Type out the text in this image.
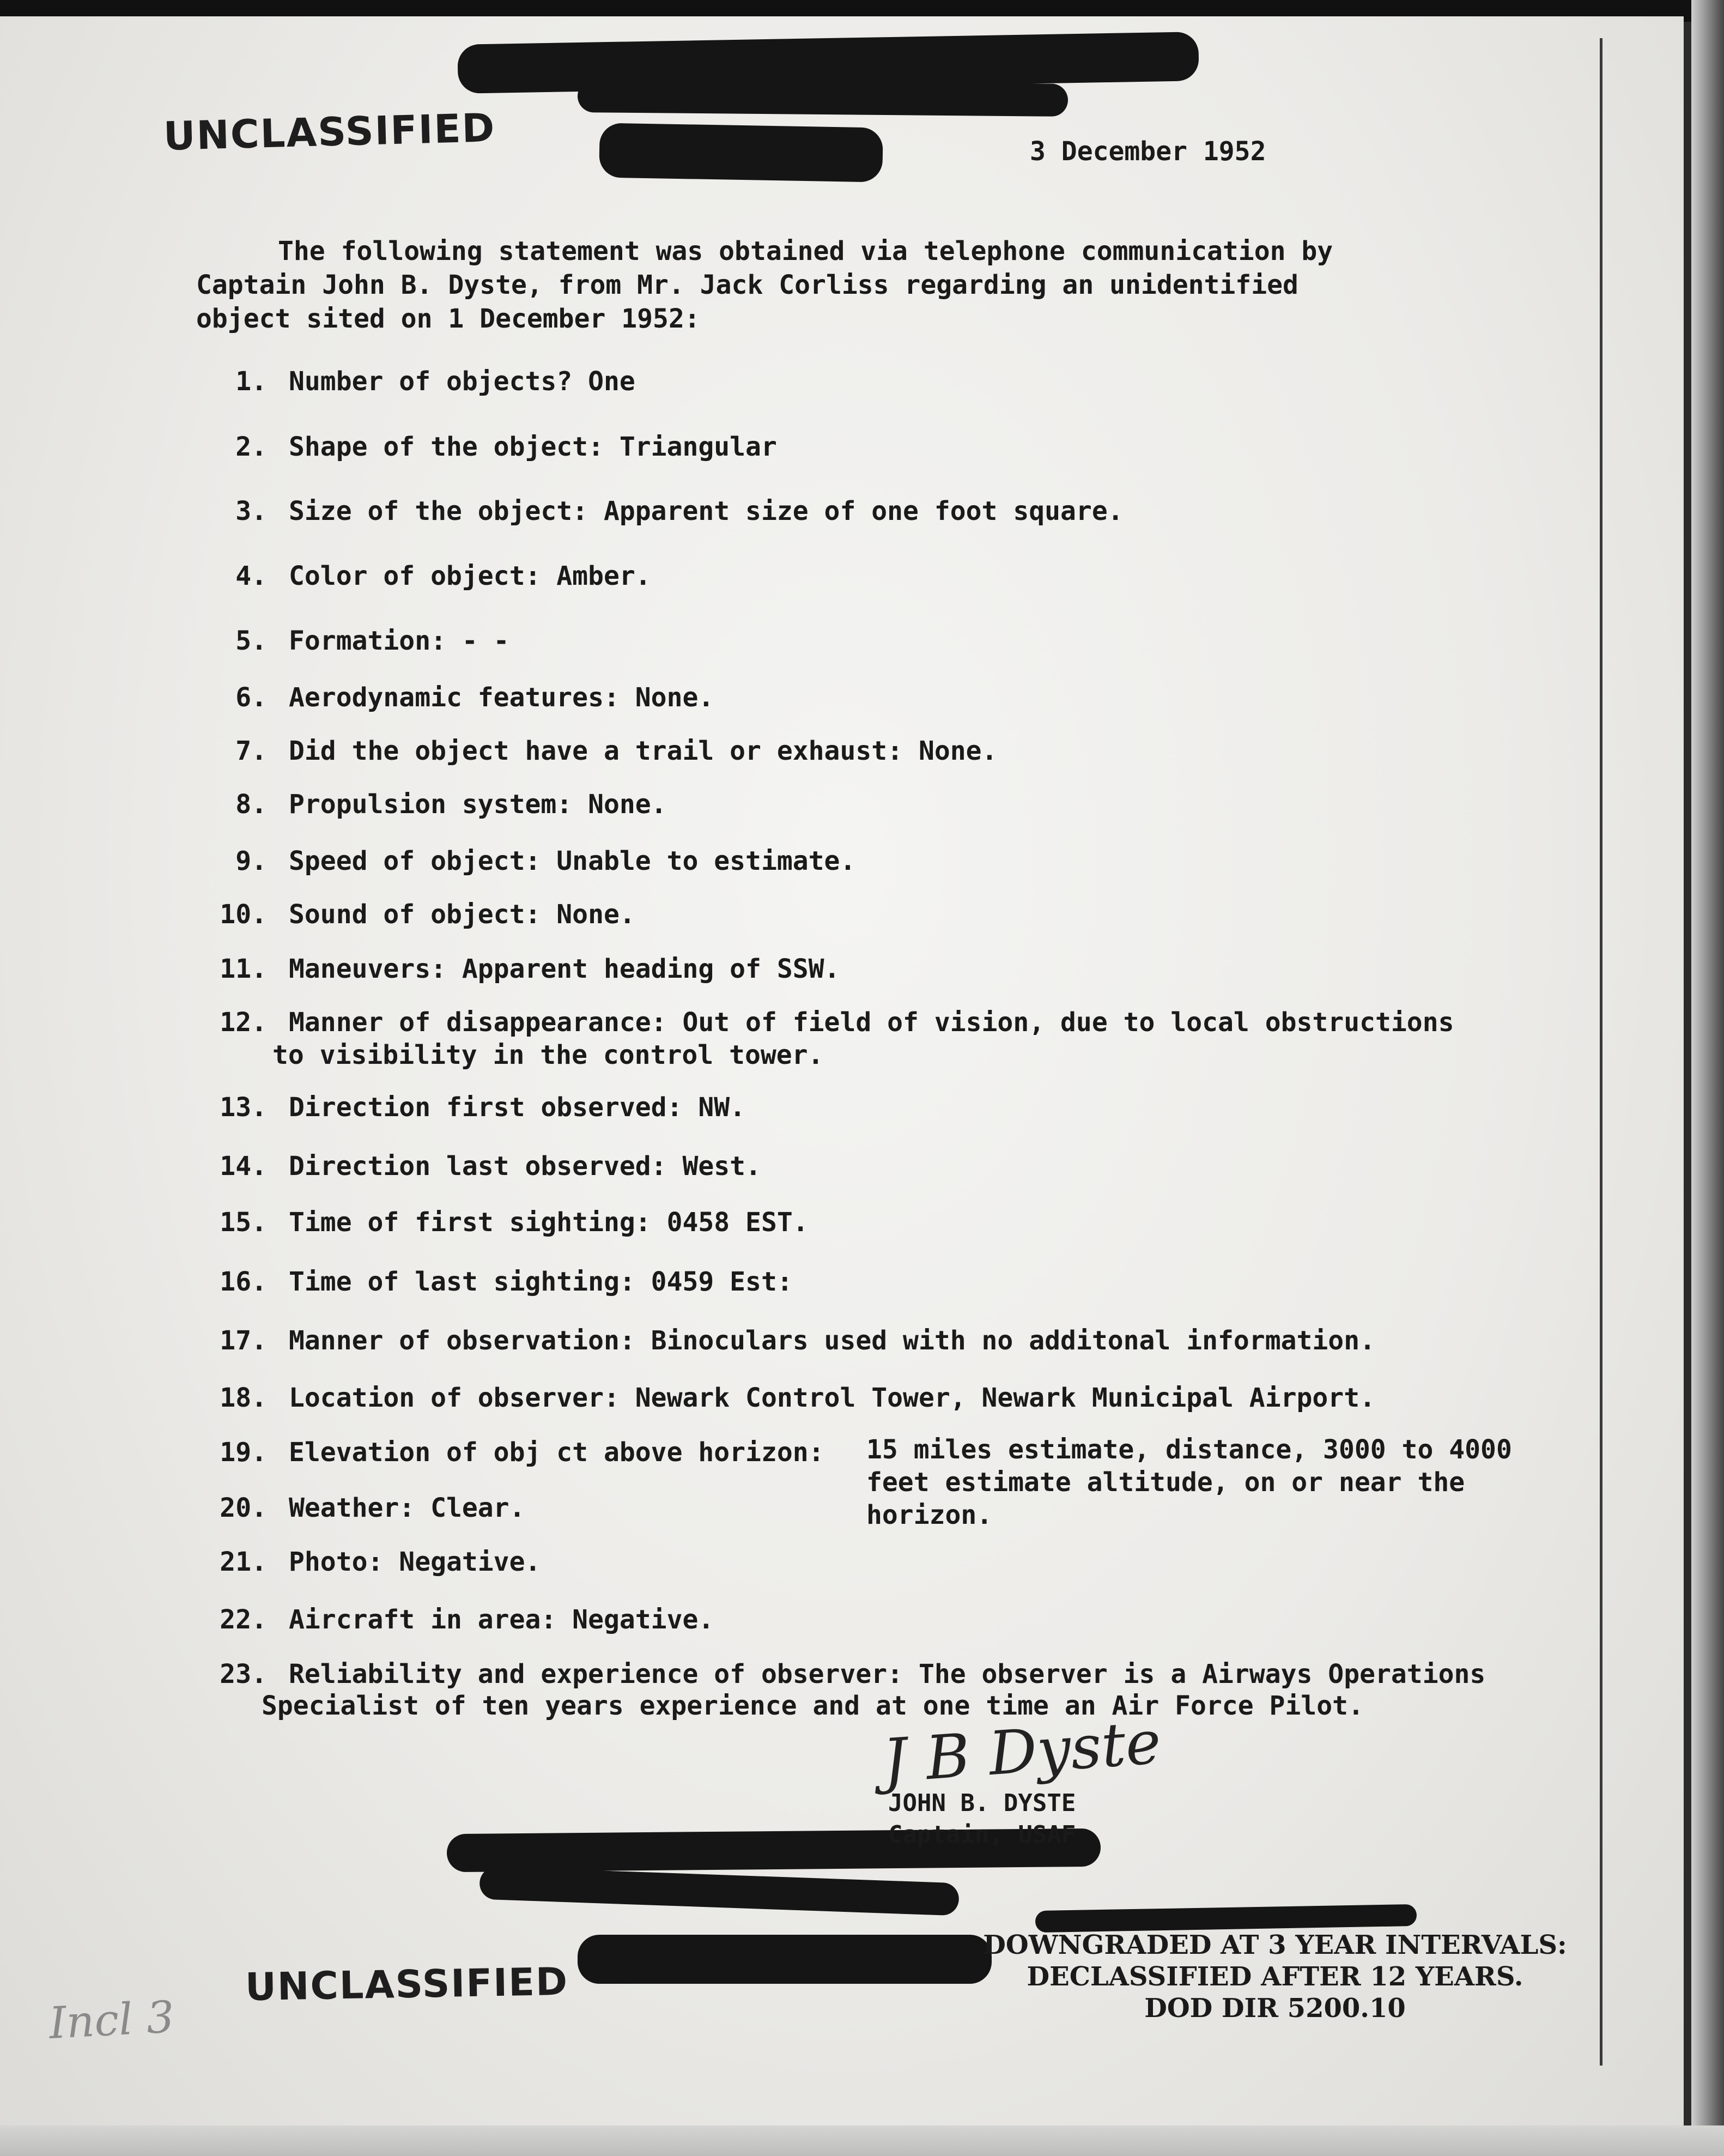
UNCLASSIFIED	3 December 1952
The following statement was obtained via telephone communication by
Captain John B. Dyste, from Mr. Jack Corliss regarding an unidentified
object sited on 1 December 1952:
1. Number of objects? One
2. Shape of the object: Triangular
3. Size of the object: Apparent size of one foot square.
4. Color of object: Amber.
5. Formation: - -
6. Aerodynamic features: None.
7. Did the object have a trail or exhaust: None.
8. Propulsion system: None.
9. Speed of object: Unable to estimate.
10. Sound of object: None.
11. Maneuvers: Apparent heading of SSW.
12. Manner of disappearance: Out of field of vision, due to local obstructions
to visibility in the control tower.
13. Direction first observed: NW.
14. Direction last observed: West.
15. Time of first sighting: 0458 EST.
16. Time of last sighting: 0459 Est:
17. Manner of observation: Binoculars used with no additonal information.
18. Location of observer: Newark Control Tower, Newark Municipal Airport.
19. Elevation of obj ct above horizon: 15 miles estimate, distance, 3000 to 4000
feet estimate altitude, on or near the
horizon.
20. Weather: Clear.
21. Photo: Negative.
22. Aircraft in area: Negative.
23. Reliability and experience of observer: The observer is a Airways Operations
Specialist of ten years experience and at one time an Air Force Pilot.
J B Dyste
JOHN B. DYSTE
Captain, USAF
UNCLASSIFIED
DOWNGRADED AT 3 YEAR INTERVALS:
DECLASSIFIED AFTER 12 YEARS.
DOD DIR 5200.10
Incl 3
